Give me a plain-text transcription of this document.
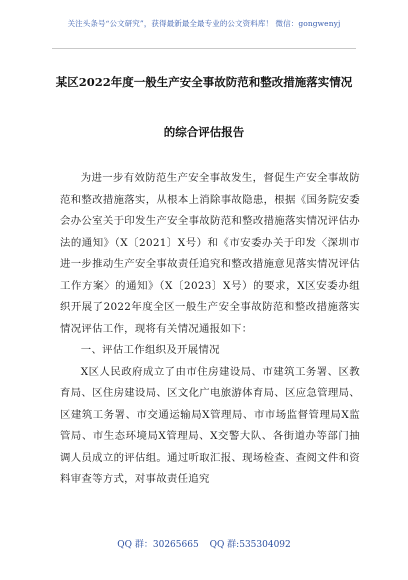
关注头条号“公文研究”，获得最新最全最专业的公文资料库！ 微信：gongwenyj
某区2022年度一般生产安全事故防范和整改措施落实情况
的综合评估报告

为进一步有效防范生产安全事故发生，督促生产安全事故防范和整改措施落实，从根本上消除事故隐患，根据《国务院安委会办公室关于印发生产安全事故防范和整改措施落实情况评估办法的通知》（X〔2021〕X号）和《市安委办关于印发〈深圳市进一步推动生产安全事故责任追究和整改措施意见落实情况评估工作方案〉的通知》（X〔2023〕X号）的要求，X区安委办组织开展了2022年度全区一般生产安全事故防范和整改措施落实情况评估工作，现将有关情况通报如下：

一、评估工作组织及开展情况

X区人民政府成立了由市住房建设局、市建筑工务署、区教育局、区住房建设局、区文化广电旅游体育局、区应急管理局、区建筑工务署、市交通运输局X管理局、市市场监督管理局X监管局、市生态环境局X管理局、X交警大队、各街道办等部门抽调人员成立的评估组。通过听取汇报、现场检查、查阅文件和资料审查等方式，对事故责任追究

QQ 群：30265665 QQ 群:535304092
